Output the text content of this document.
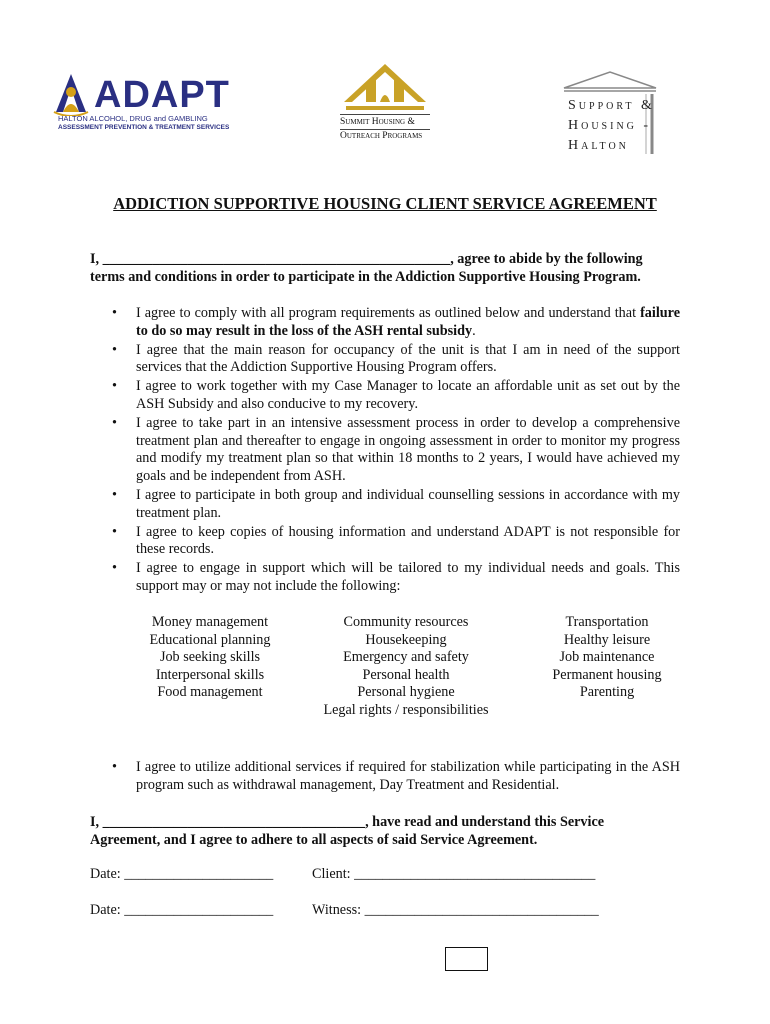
ADAPT
HALTON ALCOHOL, DRUG and GAMBLING
ASSESSMENT PREVENTION & TREATMENT SERVICES
Summit Housing &
Outreach Programs
Support &
Housing -
Halton
ADDICTION SUPPORTIVE HOUSING CLIENT SERVICE AGREEMENT
I, _________________________________________________, agree to abide by the following
terms and conditions in order to participate in the Addiction Supportive Housing Program.
• I agree to comply with all program requirements as outlined below and understand that failure to do so may result in the loss of the ASH rental subsidy.
• I agree that the main reason for occupancy of the unit is that I am in need of the support services that the Addiction Supportive Housing Program offers.
• I agree to work together with my Case Manager to locate an affordable unit as set out by the ASH Subsidy and also conducive to my recovery.
• I agree to take part in an intensive assessment process in order to develop a comprehensive treatment plan and thereafter to engage in ongoing assessment in order to monitor my progress and modify my treatment plan so that within 18 months to 2 years, I would have achieved my goals and be independent from ASH.
• I agree to participate in both group and individual counselling sessions in accordance with my treatment plan.
• I agree to keep copies of housing information and understand ADAPT is not responsible for these records.
• I agree to engage in support which will be tailored to my individual needs and goals. This support may or may not include the following:
Money management
Educational planning
Job seeking skills
Interpersonal skills
Food management
Community resources
Housekeeping
Emergency and safety
Personal health
Personal hygiene
Legal rights / responsibilities
Transportation
Healthy leisure
Job maintenance
Permanent housing
Parenting
• I agree to utilize additional services if required for stabilization while participating in the ASH program such as withdrawal management, Day Treatment and Residential.
I, _____________________________________, have read and understand this Service
Agreement, and I agree to adhere to all aspects of said Service Agreement.
Date: _____________________	Client: __________________________________
Date: _____________________	Witness: _________________________________
